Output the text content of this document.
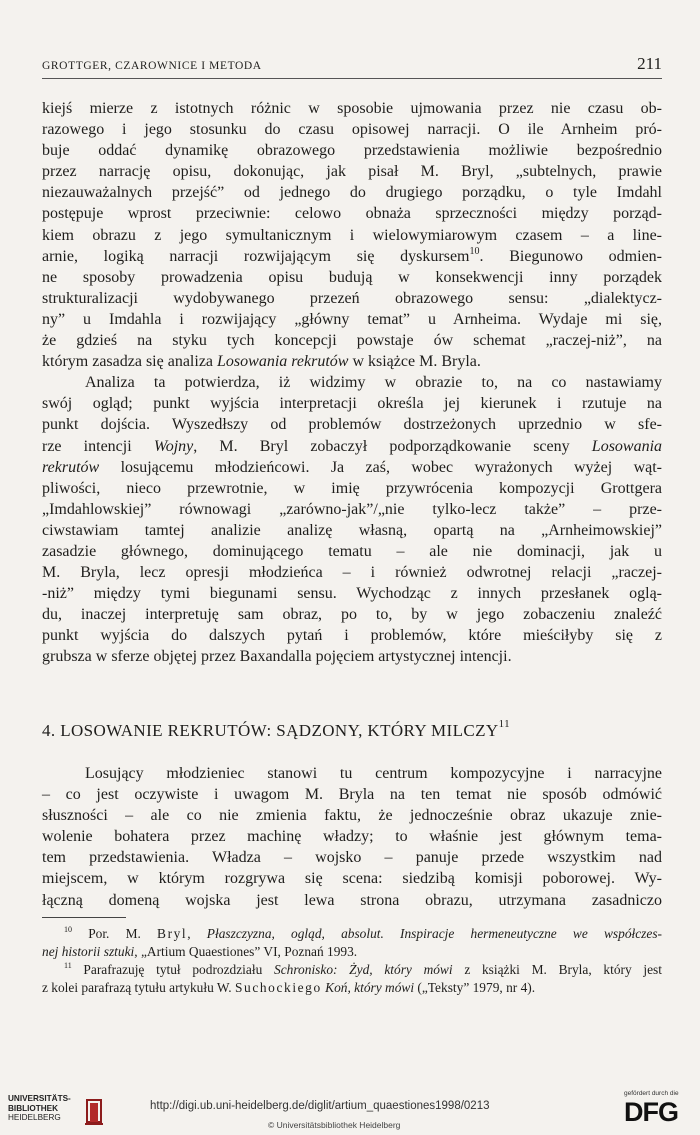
GROTTGER, CZAROWNICE I METODA	211

kiejś mierze z istotnych różnic w sposobie ujmowania przez nie czasu ob-
razowego i jego stosunku do czasu opisowej narracji. O ile Arnheim pró-
buje oddać dynamikę obrazowego przedstawienia możliwie bezpośrednio
przez narrację opisu, dokonując, jak pisał M. Bryl, „subtelnych, prawie
niezauważalnych przejść” od jednego do drugiego porządku, o tyle Imdahl
postępuje wprost przeciwnie: celowo obnaża sprzeczności między porząd-
kiem obrazu z jego symultanicznym i wielowymiarowym czasem – a line-
arnie, logiką narracji rozwijającym się dyskursem$^{10}$. Biegunowo odmien-
ne sposoby prowadzenia opisu budują w konsekwencji inny porządek
strukturalizacji wydobywanego przezeń obrazowego sensu: „dialektycz-
ny” u Imdahla i rozwijający „główny temat” u Arnheima. Wydaje mi się,
że gdzieś na styku tych koncepcji powstaje ów schemat „raczej-niż”, na
którym zasadza się analiza Losowania rekrutów w książce M. Bryla.

Analiza ta potwierdza, iż widzimy w obrazie to, na co nastawiamy
swój ogląd; punkt wyjścia interpretacji określa jej kierunek i rzutuje na
punkt dojścia. Wyszedłszy od problemów dostrzeżonych uprzednio w sfe-
rze intencji Wojny, M. Bryl zobaczył podporządkowanie sceny Losowania
rekrutów losującemu młodzieńcowi. Ja zaś, wobec wyrażonych wyżej wąt-
pliwości, nieco przewrotnie, w imię przywrócenia kompozycji Grottgera
„Imdahlowskiej” równowagi „zarówno-jak”/„nie tylko-lecz także” – prze-
ciwstawiam tamtej analizie analizę własną, opartą na „Arnheimowskiej”
zasadzie głównego, dominującego tematu – ale nie dominacji, jak u
M. Bryla, lecz opresji młodzieńca – i również odwrotnej relacji „raczej-
-niż” między tymi biegunami sensu. Wychodząc z innych przesłanek oglą-
du, inaczej interpretuję sam obraz, po to, by w jego zobaczeniu znaleźć
punkt wyjścia do dalszych pytań i problemów, które mieściłyby się z
grubsza w sferze objętej przez Baxandalla pojęciem artystycznej intencji.

4. LOSOWANIE REKRUTÓW: SĄDZONY, KTÓRY MILCZY$^{11}$

Losujący młodzieniec stanowi tu centrum kompozycyjne i narracyjne
– co jest oczywiste i uwagom M. Bryla na ten temat nie sposób odmówić
słuszności – ale co nie zmienia faktu, że jednocześnie obraz ukazuje znie-
wolenie bohatera przez machinę władzy; to właśnie jest głównym tema-
tem przedstawienia. Władza – wojsko – panuje przede wszystkim nad
miejscem, w którym rozgrywa się scena: siedzibą komisji poborowej. Wy-
łączną domeną wojska jest lewa strona obrazu, utrzymana zasadniczo

$^{10}$ Por. M. Bryl, Płaszczyzna, ogląd, absolut. Inspiracje hermeneutyczne we współczes-
nej historii sztuki, „Artium Quaestiones” VI, Poznań 1993.
$^{11}$ Parafrazuję tytuł podrozdziału Schronisko: Żyd, który mówi z książki M. Bryla, który jest
z kolei parafrazą tytułu artykułu W. Suchockiego Koń, który mówi („Teksty” 1979, nr 4).
UNIVERSITÄTS-
BIBLIOTHEK
HEIDELBERG
http://digi.ub.uni-heidelberg.de/diglit/artium_quaestiones1998/0213
© Universitätsbibliothek Heidelberg
gefördert durch die
DFG
